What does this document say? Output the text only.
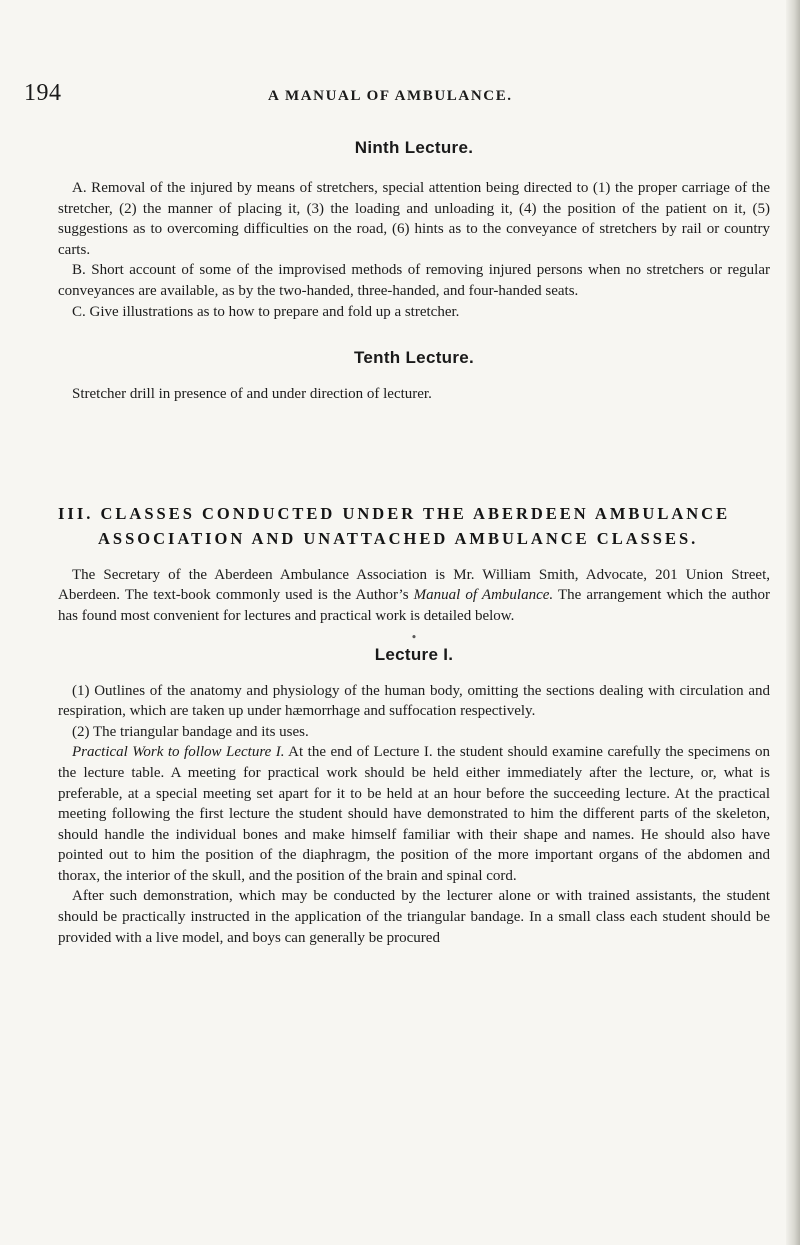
194	A MANUAL OF AMBULANCE.
Ninth Lecture.

A. Removal of the injured by means of stretchers, special attention being directed to (1) the proper carriage of the stretcher, (2) the manner of placing it, (3) the loading and unloading it, (4) the position of the patient on it, (5) suggestions as to overcoming difficulties on the road, (6) hints as to the conveyance of stretchers by rail or country carts.

B. Short account of some of the improvised methods of removing injured persons when no stretchers or regular conveyances are available, as by the two-handed, three-handed, and four-handed seats.

C. Give illustrations as to how to prepare and fold up a stretcher.

Tenth Lecture.

Stretcher drill in presence of and under direction of lecturer.

III. CLASSES CONDUCTED UNDER THE ABERDEEN AMBULANCE ASSOCIATION AND UNATTACHED AMBULANCE CLASSES.

The Secretary of the Aberdeen Ambulance Association is Mr. William Smith, Advocate, 201 Union Street, Aberdeen. The text-book commonly used is the Author’s Manual of Ambulance. The arrangement which the author has found most convenient for lectures and practical work is detailed below.

•

Lecture I.

(1) Outlines of the anatomy and physiology of the human body, omitting the sections dealing with circulation and respiration, which are taken up under hæmorrhage and suffocation respectively.

(2) The triangular bandage and its uses.

Practical Work to follow Lecture I. At the end of Lecture I. the student should examine carefully the specimens on the lecture table. A meeting for practical work should be held either immediately after the lecture, or, what is preferable, at a special meeting set apart for it to be held at an hour before the succeeding lecture. At the practical meeting following the first lecture the student should have demonstrated to him the different parts of the skeleton, should handle the individual bones and make himself familiar with their shape and names. He should also have pointed out to him the position of the diaphragm, the position of the more important organs of the abdomen and thorax, the interior of the skull, and the position of the brain and spinal cord.

After such demonstration, which may be conducted by the lecturer alone or with trained assistants, the student should be practically instructed in the application of the triangular bandage. In a small class each student should be provided with a live model, and boys can generally be procured
